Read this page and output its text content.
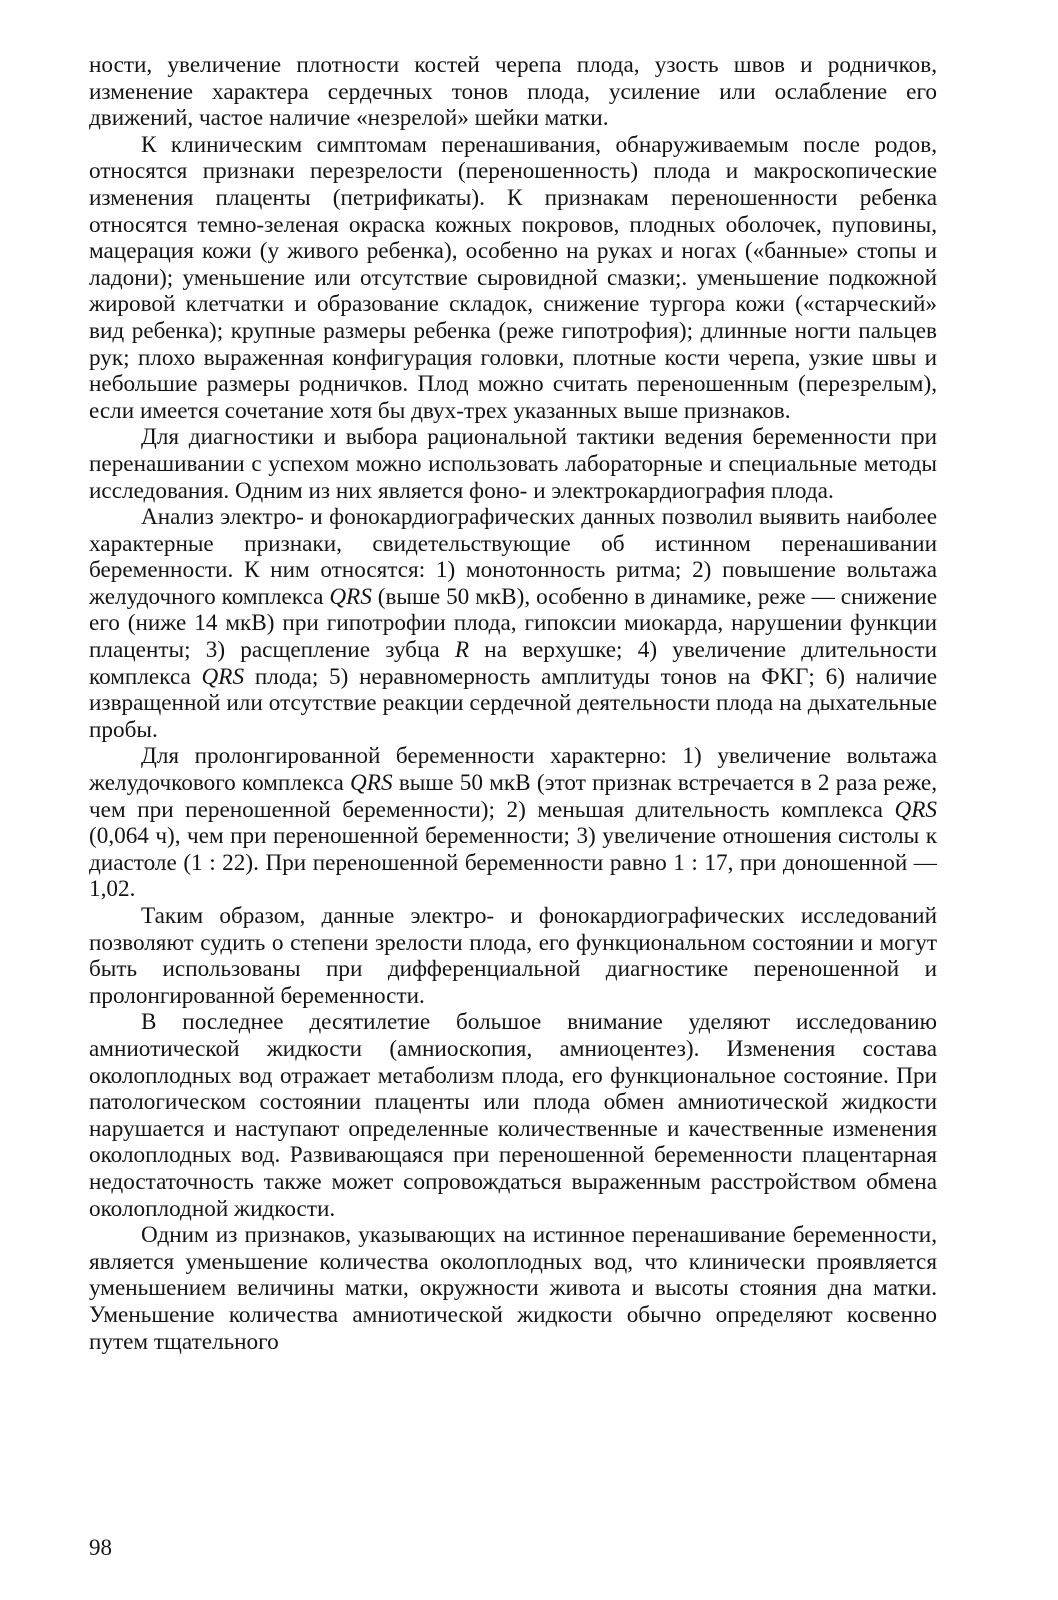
ности, увеличение плотности костей черепа плода, узость швов и родничков, изменение характера сердечных тонов плода, усиление или ослабление его движений, частое наличие «незрелой» шейки матки.

К клиническим симптомам перенашивания, обнаруживаемым после родов, относятся признаки перезрелости (переношенность) плода и макроскопические изменения плаценты (петрификаты). К признакам переношенности ребенка относятся темно-зеленая окраска кожных покровов, плодных оболочек, пуповины, мацерация кожи (у живого ребенка), особенно на руках и ногах («банные» стопы и ладони); уменьшение или отсутствие сыровидной смазки;. уменьшение подкожной жировой клетчатки и образование складок, снижение тургора кожи («старческий» вид ребенка); крупные размеры ребенка (реже гипотрофия); длинные ногти пальцев рук; плохо выраженная конфигурация головки, плотные кости черепа, узкие швы и небольшие размеры родничков. Плод можно считать переношенным (перезрелым), если имеется сочетание хотя бы двух-трех указанных выше признаков.

Для диагностики и выбора рациональной тактики ведения беременности при перенашивании с успехом можно использовать лабораторные и специальные методы исследования. Одним из них является фоно- и электрокардиография плода.

Анализ электро- и фонокардиографических данных позволил выявить наиболее характерные признаки, свидетельствующие об истинном перенашивании беременности. К ним относятся: 1) монотонность ритма; 2) повышение вольтажа желудочного комплекса QRS (выше 50 мкВ), особенно в динамике, реже — снижение его (ниже 14 мкВ) при гипотрофии плода, гипоксии миокарда, нарушении функции плаценты; 3) расщепление зубца R на верхушке; 4) увеличение длительности комплекса QRS плода; 5) неравномерность амплитуды тонов на ФКГ; 6) наличие извращенной или отсутствие реакции сердечной деятельности плода на дыхательные пробы.

Для пролонгированной беременности характерно: 1) увеличение вольтажа желудочкового комплекса QRS выше 50 мкВ (этот признак встречается в 2 раза реже, чем при переношенной беременности); 2) меньшая длительность комплекса QRS (0,064 ч), чем при переношенной беременности; 3) увеличение отношения систолы к диастоле (1 : 22). При переношенной беременности равно 1 : 17, при доношенной — 1,02.

Таким образом, данные электро- и фонокардиографических исследований позволяют судить о степени зрелости плода, его функциональном состоянии и могут быть использованы при дифференциальной диагностике переношенной и пролонгированной беременности.

В последнее десятилетие большое внимание уделяют исследованию амниотической жидкости (амниоскопия, амниоцентез). Изменения состава околоплодных вод отражает метаболизм плода, его функциональное состояние. При патологическом состоянии плаценты или плода обмен амниотической жидкости нарушается и наступают определенные количественные и качественные изменения околоплодных вод. Развивающаяся при переношенной беременности плацентарная недостаточность также может сопровождаться выраженным расстройством обмена околоплодной жидкости.

Одним из признаков, указывающих на истинное перенашивание беременности, является уменьшение количества околоплодных вод, что клинически проявляется уменьшением величины матки, окружности живота и высоты стояния дна матки. Уменьшение количества амниотической жидкости обычно определяют косвенно путем тщательного

98
